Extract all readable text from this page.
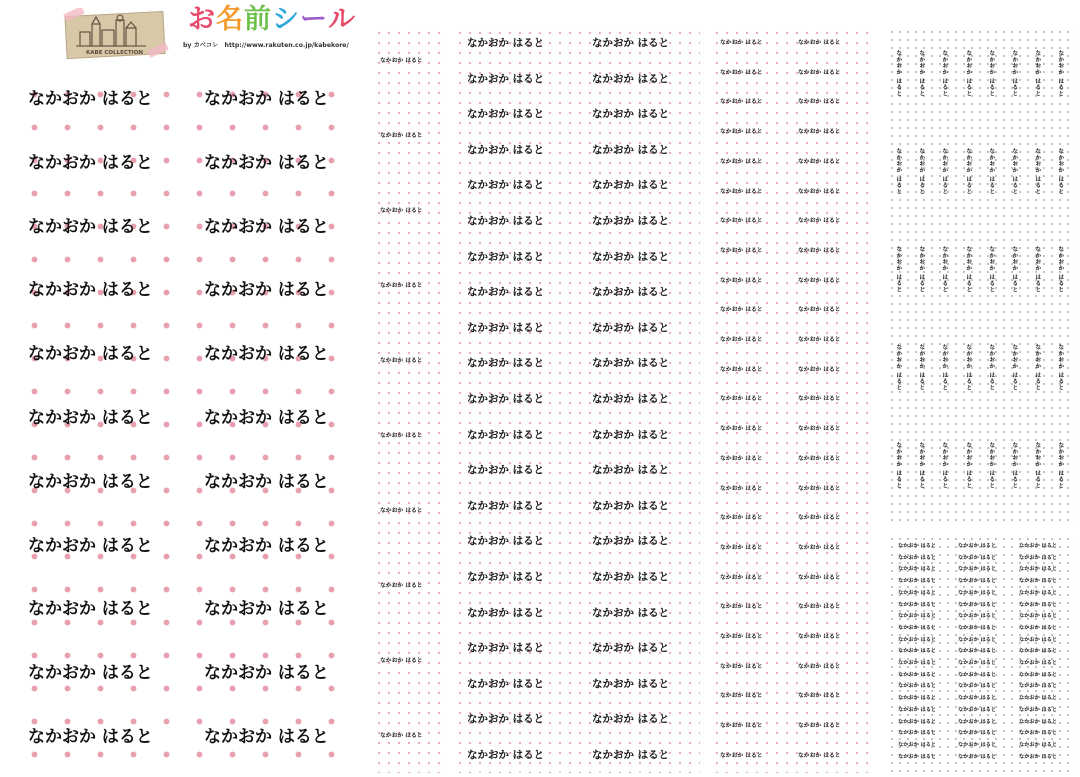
KABE COLLECTION
お名前シール
by カベコレ　http://www.rakuten.co.jp/kabekore/
なかおか はると	なかおか はると
なかおか はると	なかおか はると
なかおか はると	なかおか はると
なかおか はると	なかおか はると
なかおか はると	なかおか はると
なかおか はると	なかおか はると
なかおか はると	なかおか はると
なかおか はると	なかおか はると
なかおか はると	なかおか はると
なかおか はると	なかおか はると
なかおか はると	なかおか はると
なかおか はると
なかおか はると
なかおか はると
なかおか はると
なかおか はると
なかおか はると
なかおか はると
なかおか はると
なかおか はると
なかおか はると
なかおか はると	なかおか はると
なかおか はると	なかおか はると
なかおか はると	なかおか はると
なかおか はると	なかおか はると
なかおか はると	なかおか はると
なかおか はると	なかおか はると
なかおか はると	なかおか はると
なかおか はると	なかおか はると
なかおか はると	なかおか はると
なかおか はると	なかおか はると
なかおか はると	なかおか はると
なかおか はると	なかおか はると
なかおか はると	なかおか はると
なかおか はると	なかおか はると
なかおか はると	なかおか はると
なかおか はると	なかおか はると
なかおか はると	なかおか はると
なかおか はると	なかおか はると
なかおか はると	なかおか はると
なかおか はると	なかおか はると
なかおか はると	なかおか はると
なかおか はると	なかおか はると
なかおか はると	なかおか はると
なかおか はると	なかおか はると
なかおか はると	なかおか はると
なかおか はると	なかおか はると
なかおか はると	なかおか はると
なかおか はると	なかおか はると
なかおか はると	なかおか はると
なかおか はると	なかおか はると
なかおか はると	なかおか はると
なかおか はると	なかおか はると
なかおか はると	なかおか はると
なかおか はると	なかおか はると
なかおか はると	なかおか はると
なかおか はると	なかおか はると
なかおか はると	なかおか はると
なかおか はると	なかおか はると
なかおか はると	なかおか はると
なかおか はると	なかおか はると
なかおか はると	なかおか はると
なかおか はると	なかおか はると
なかおか はると	なかおか はると
なかおか はると	なかおか はると
なかおか はると	なかおか はると
なかおか はると	なかおか はると
なかおか はると	なかおか はると	なかおか はると	なかおか はると	なかおか はると	なかおか はると	なかおか はると	なかおか はると
なかおか はると	なかおか はると	なかおか はると	なかおか はると	なかおか はると	なかおか はると	なかおか はると	なかおか はると
なかおか はると	なかおか はると	なかおか はると	なかおか はると	なかおか はると	なかおか はると	なかおか はると	なかおか はると
なかおか はると	なかおか はると	なかおか はると	なかおか はると	なかおか はると	なかおか はると	なかおか はると	なかおか はると
なかおか はると	なかおか はると	なかおか はると	なかおか はると	なかおか はると	なかおか はると	なかおか はると	なかおか はると
なかおか はると	なかおか はると	なかおか はると
なかおか はると	なかおか はると	なかおか はると
なかおか はると	なかおか はると	なかおか はると
なかおか はると	なかおか はると	なかおか はると
なかおか はると	なかおか はると	なかおか はると
なかおか はると	なかおか はると	なかおか はると
なかおか はると	なかおか はると	なかおか はると
なかおか はると	なかおか はると	なかおか はると
なかおか はると	なかおか はると	なかおか はると
なかおか はると	なかおか はると	なかおか はると
なかおか はると	なかおか はると	なかおか はると
なかおか はると	なかおか はると	なかおか はると
なかおか はると	なかおか はると	なかおか はると
なかおか はると	なかおか はると	なかおか はると
なかおか はると	なかおか はると	なかおか はると
なかおか はると	なかおか はると	なかおか はると
なかおか はると	なかおか はると	なかおか はると
なかおか はると	なかおか はると	なかおか はると
なかおか はると	なかおか はると	なかおか はると
